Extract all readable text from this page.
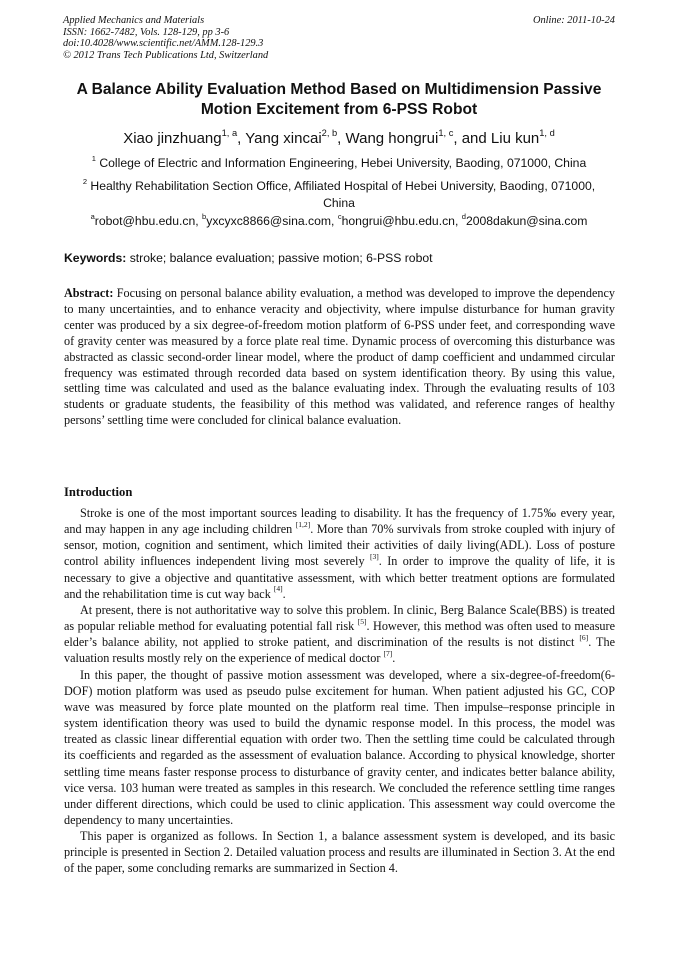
Applied Mechanics and Materials
ISSN: 1662-7482, Vols. 128-129, pp 3-6
doi:10.4028/www.scientific.net/AMM.128-129.3
© 2012 Trans Tech Publications Ltd, Switzerland
Online: 2011-10-24
A Balance Ability Evaluation Method Based on Multidimension Passive
Motion Excitement from 6-PSS Robot
Xiao jinzhuang$^{1, a}$, Yang xincai$^{2, b}$, Wang hongrui$^{1, c}$, and Liu kun$^{1, d}$
$^1$ College of Electric and Information Engineering, Hebei University, Baoding, 071000, China
$^2$ Healthy Rehabilitation Section Office, Affiliated Hospital of Hebei University, Baoding, 071000,
China
$^a$robot@hbu.edu.cn, $^b$yxcyxc8866@sina.com, $^c$hongrui@hbu.edu.cn, $^d$2008dakun@sina.com
Keywords: stroke; balance evaluation; passive motion; 6-PSS robot
Abstract: Focusing on personal balance ability evaluation, a method was developed to improve the dependency to many uncertainties, and to enhance veracity and objectivity, where impulse disturbance for human gravity center was produced by a six degree-of-freedom motion platform of 6-PSS under feet, and corresponding wave of gravity center was measured by a force plate real time. Dynamic process of overcoming this disturbance was abstracted as classic second-order linear model, where the product of damp coefficient and undammed circular frequency was estimated through recorded data based on system identification theory. By using this value, settling time was calculated and used as the balance evaluating index. Through the evaluating results of 103 students or graduate students, the feasibility of this method was validated, and reference ranges of healthy persons’ settling time were concluded for clinical balance evaluation.
Introduction

Stroke is one of the most important sources leading to disability. It has the frequency of 1.75‰ every year, and may happen in any age including children [1,2]. More than 70% survivals from stroke coupled with injury of sensor, motion, cognition and sentiment, which limited their activities of daily living(ADL). Loss of posture control ability influences independent living most severely [3]. In order to improve the quality of life, it is necessary to give a objective and quantitative assessment, with which better treatment options are formulated and the rehabilitation time is cut way back [4].

At present, there is not authoritative way to solve this problem. In clinic, Berg Balance Scale(BBS) is treated as popular reliable method for evaluating potential fall risk [5]. However, this method was often used to measure elder’s balance ability, not applied to stroke patient, and discrimination of the results is not distinct [6]. The valuation results mostly rely on the experience of medical doctor [7].

In this paper, the thought of passive motion assessment was developed, where a six-degree-of-freedom(6-DOF) motion platform was used as pseudo pulse excitement for human. When patient adjusted his GC, COP wave was measured by force plate mounted on the platform real time. Then impulse–response principle in system identification theory was used to build the dynamic response model. In this process, the model was treated as classic linear differential equation with order two. Then the settling time could be calculated through its coefficients and regarded as the assessment of evaluation balance. According to physical knowledge, shorter settling time means faster response process to disturbance of gravity center, and indicates better balance ability, vice versa. 103 human were treated as samples in this research. We concluded the reference settling time ranges under different directions, which could be used to clinic application. This assessment way could overcome the dependency to many uncertainties.

This paper is organized as follows. In Section 1, a balance assessment system is developed, and its basic principle is presented in Section 2. Detailed valuation process and results are illuminated in Section 3. At the end of the paper, some concluding remarks are summarized in Section 4.
